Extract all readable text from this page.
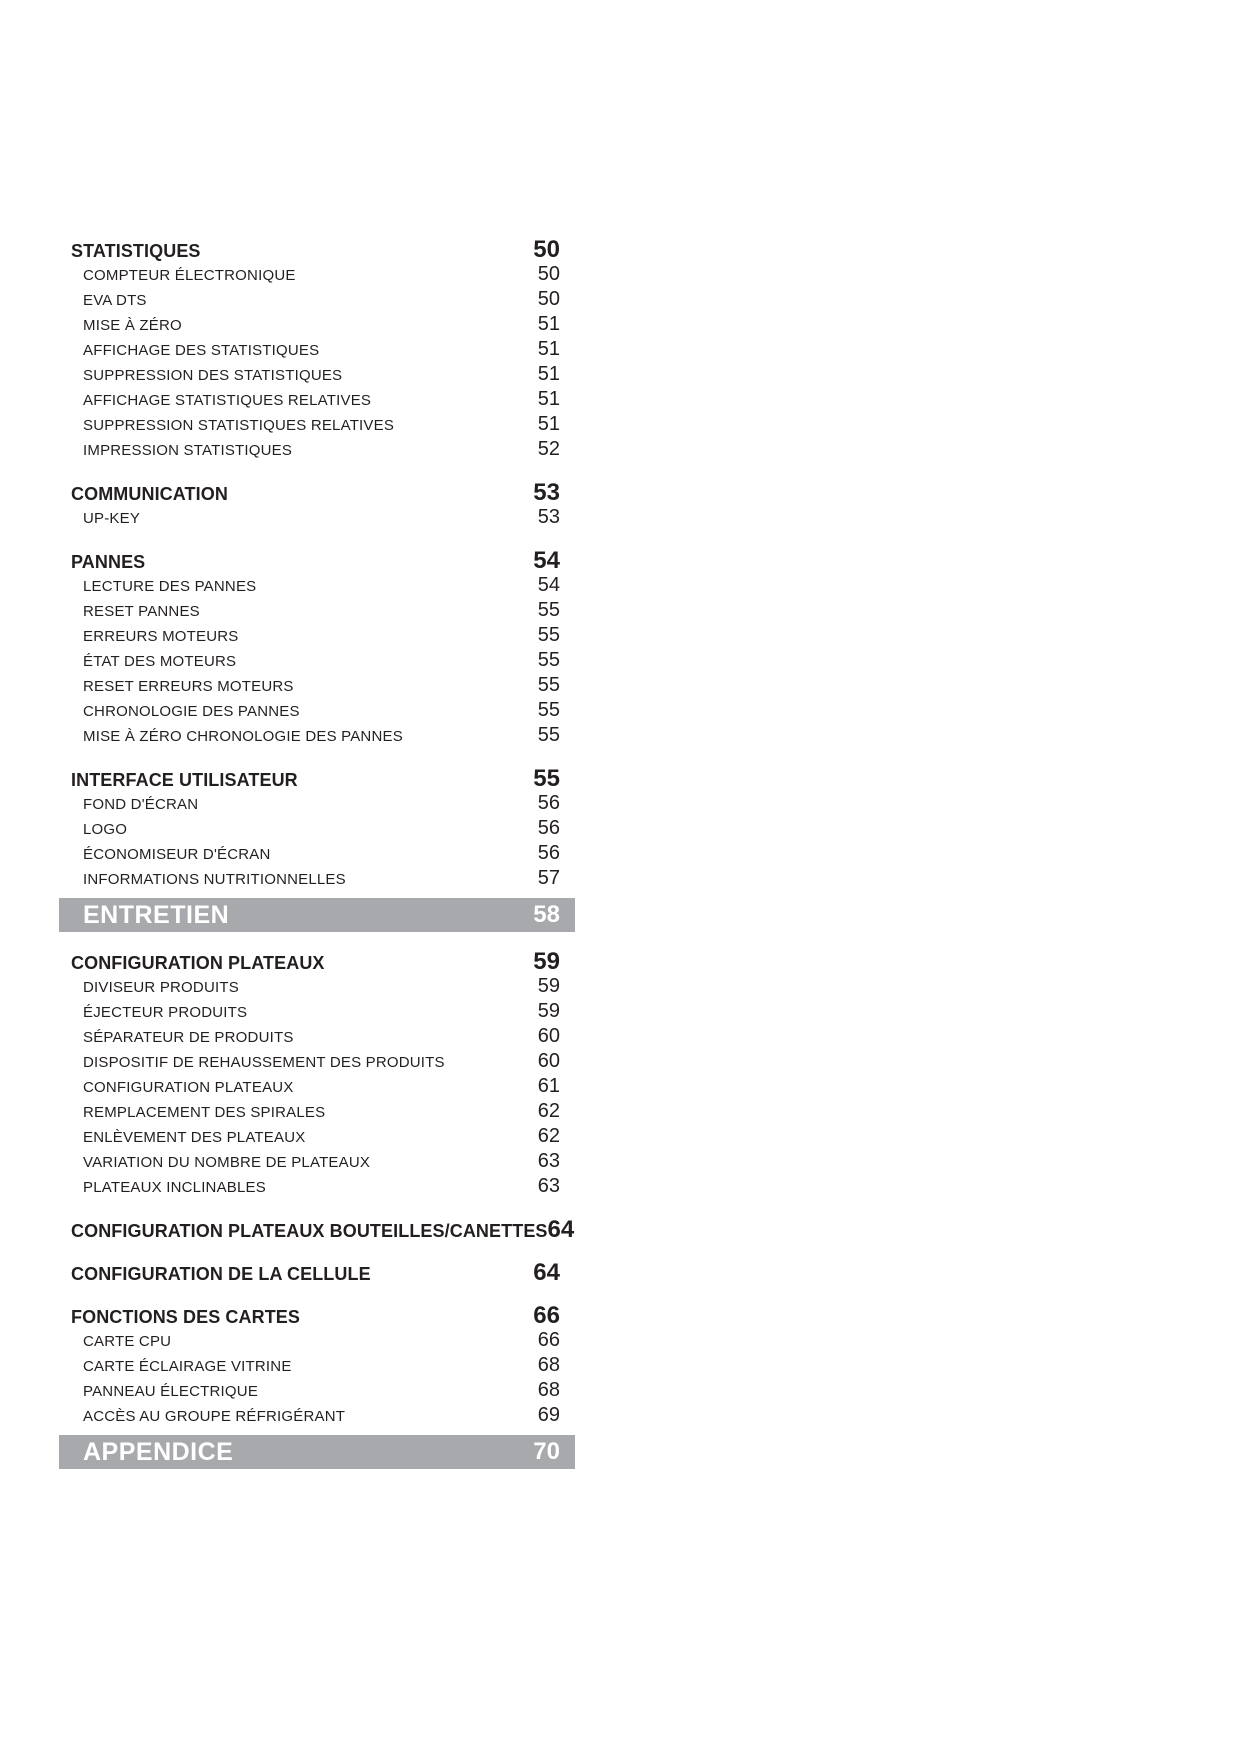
STATISTIQUES	50
COMPTEUR ÉLECTRONIQUE	50
EVA DTS	50
MISE À ZÉRO	51
AFFICHAGE DES STATISTIQUES	51
SUPPRESSION DES STATISTIQUES	51
AFFICHAGE STATISTIQUES RELATIVES	51
SUPPRESSION STATISTIQUES RELATIVES	51
IMPRESSION STATISTIQUES	52
COMMUNICATION	53
UP-KEY	53
PANNES	54
LECTURE DES PANNES	54
RESET PANNES	55
ERREURS MOTEURS	55
ÉTAT DES MOTEURS	55
RESET ERREURS MOTEURS	55
CHRONOLOGIE DES PANNES	55
MISE À ZÉRO CHRONOLOGIE DES PANNES	55
INTERFACE UTILISATEUR	55
FOND D'ÉCRAN	56
LOGO	56
ÉCONOMISEUR D'ÉCRAN	56
INFORMATIONS NUTRITIONNELLES	57
ENTRETIEN	58
CONFIGURATION PLATEAUX	59
DIVISEUR PRODUITS	59
ÉJECTEUR PRODUITS	59
SÉPARATEUR DE PRODUITS	60
DISPOSITIF DE REHAUSSEMENT DES PRODUITS	60
CONFIGURATION PLATEAUX	61
REMPLACEMENT DES SPIRALES	62
ENLÈVEMENT DES PLATEAUX	62
VARIATION DU NOMBRE DE PLATEAUX	63
PLATEAUX INCLINABLES	63
CONFIGURATION PLATEAUX BOUTEILLES/CANETTES 64
CONFIGURATION DE LA CELLULE	64
FONCTIONS DES CARTES	66
CARTE CPU	66
CARTE ÉCLAIRAGE VITRINE	68
PANNEAU ÉLECTRIQUE	68
ACCÈS AU GROUPE RÉFRIGÉRANT	69
APPENDICE	70
